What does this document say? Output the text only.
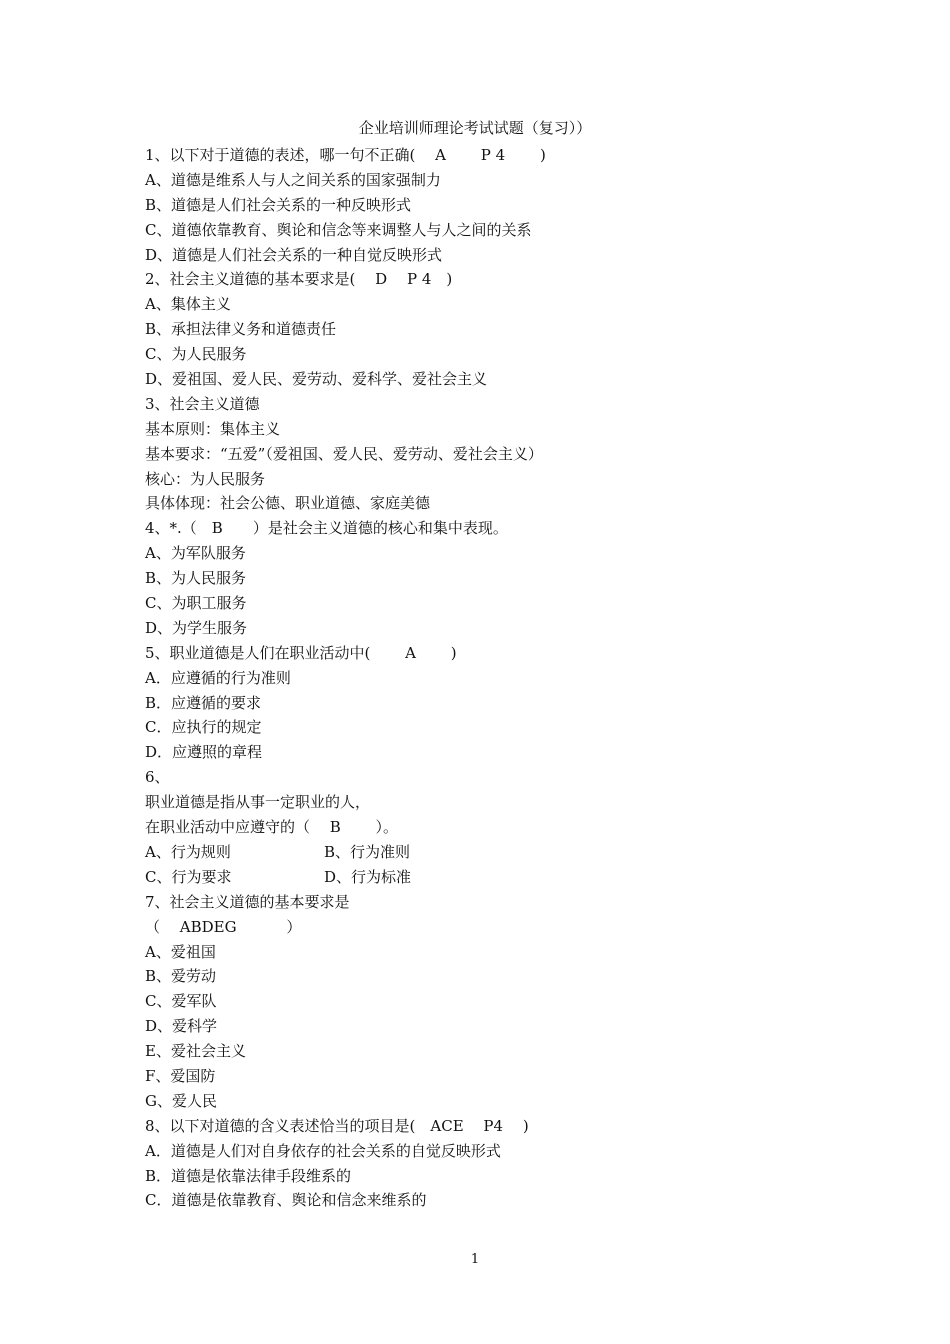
企业培训师理论考试试题（复习））
1、以下对于道德的表述，哪一句不正确(　 A　　 P 4　　 )
A、道德是维系人与人之间关系的国家强制力
B、道德是人们社会关系的一种反映形式
C、道德依靠教育、舆论和信念等来调整人与人之间的关系
D、道德是人们社会关系的一种自觉反映形式
2、社会主义道德的基本要求是(　 D　 P 4　)
A、集体主义
B、承担法律义务和道德责任
C、为人民服务
D、爱祖国、爱人民、爱劳动、爱科学、爱社会主义
3、社会主义道德
基本原则：集体主义
基本要求：“五爱”（爱祖国、爱人民、爱劳动、爱社会主义）
核心：为人民服务
具体体现：社会公德、职业道德、家庭美德
4、*.（　B　　）是社会主义道德的核心和集中表现。
A、为军队服务
B、为人民服务
C、为职工服务
D、为学生服务
5、职业道德是人们在职业活动中(　　 A　　 )
A．应遵循的行为准则
B．应遵循的要求
C．应执行的规定
D．应遵照的章程
6、
职业道德是指从事一定职业的人，
在职业活动中应遵守的（　 B　　 ）。
A、行为规则	B、行为准则
C、行为要求	D、行为标准
7、社会主义道德的基本要求是
（　 ABDEG　　　 ）
A、爱祖国
B、爱劳动
C、爱军队
D、爱科学
E、爱社会主义
F、爱国防
G、爱人民
8、以下对道德的含义表述恰当的项目是(　ACE　 P4　 )
A．道德是人们对自身依存的社会关系的自觉反映形式
B．道德是依靠法律手段维系的
C．道德是依靠教育、舆论和信念来维系的
1
